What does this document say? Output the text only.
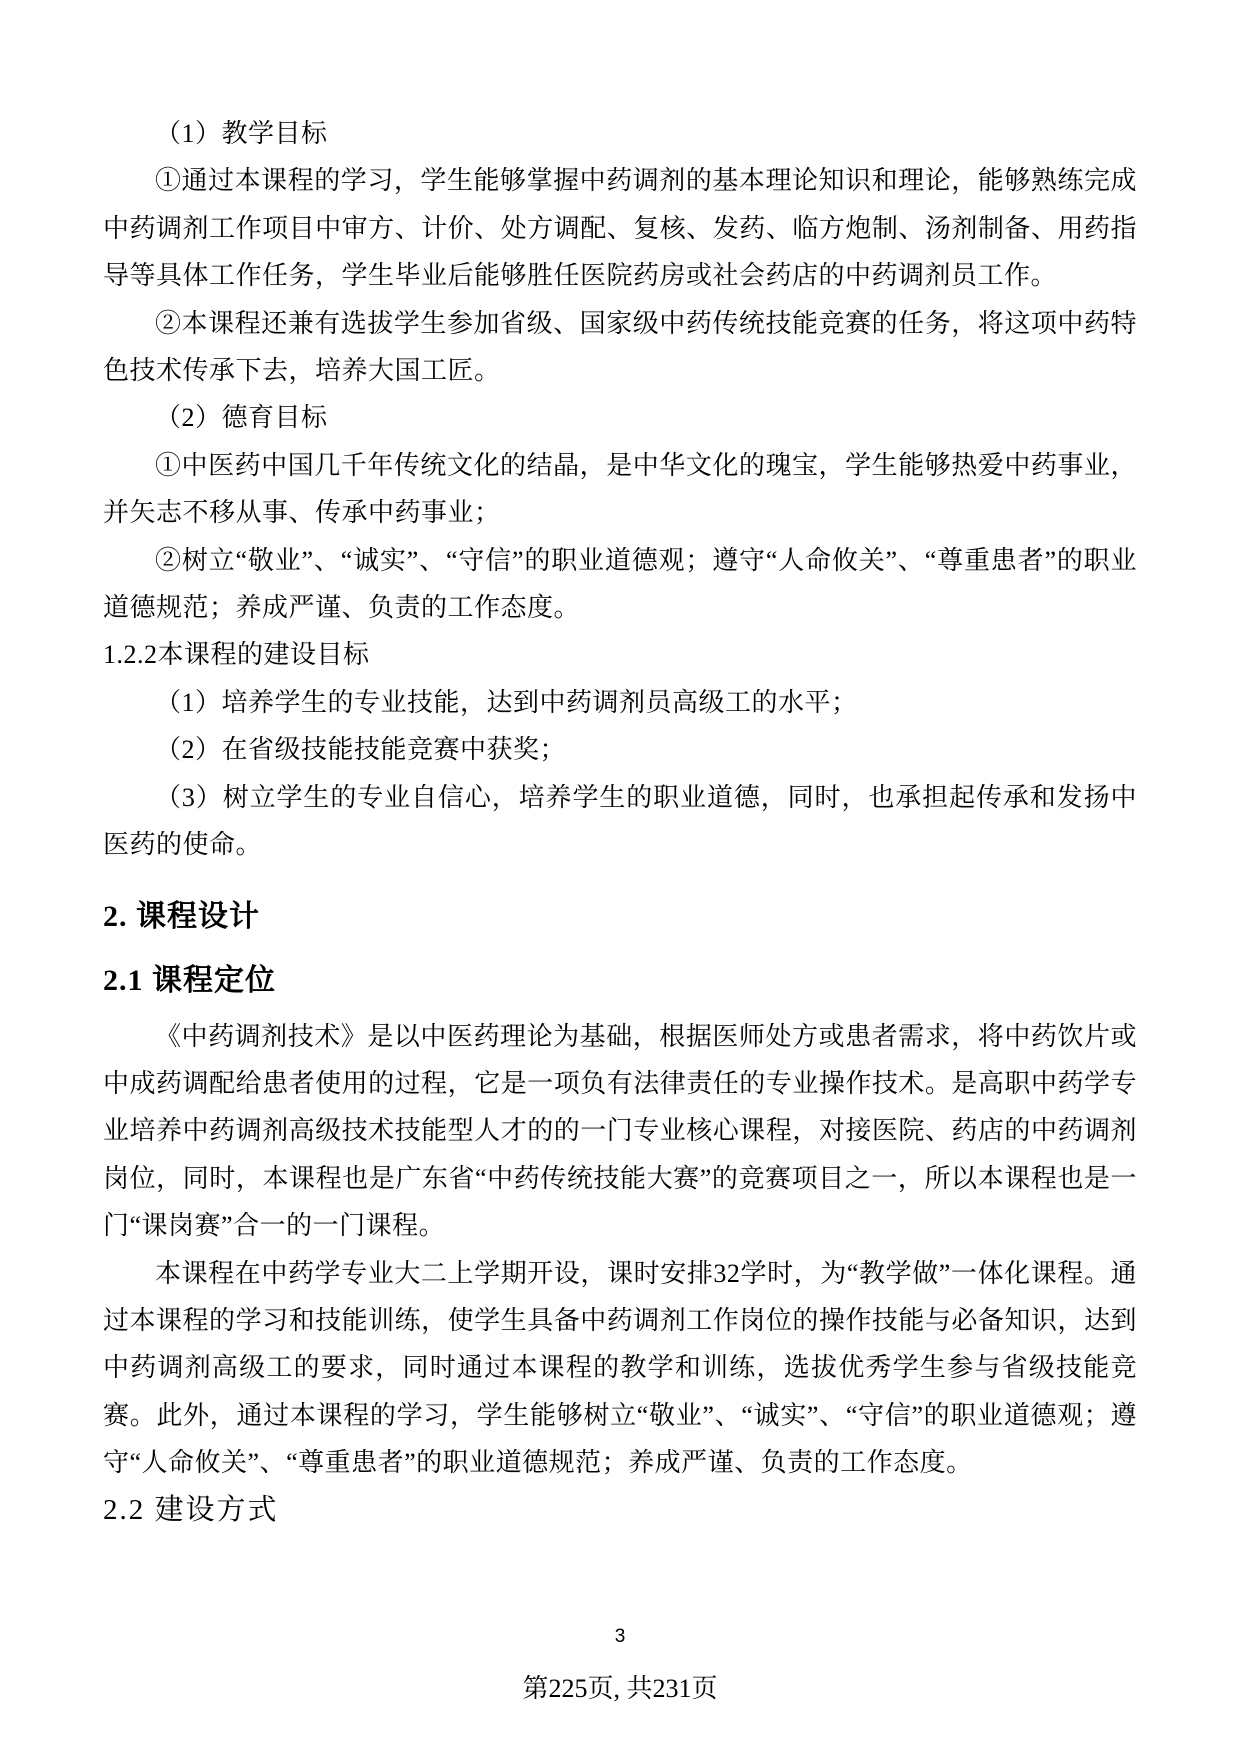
（1）教学目标

①通过本课程的学习，学生能够掌握中药调剂的基本理论知识和理论，能够熟练完成中药调剂工作项目中审方、计价、处方调配、复核、发药、临方炮制、汤剂制备、用药指导等具体工作任务，学生毕业后能够胜任医院药房或社会药店的中药调剂员工作。

②本课程还兼有选拔学生参加省级、国家级中药传统技能竞赛的任务，将这项中药特色技术传承下去，培养大国工匠。

（2）德育目标

①中医药中国几千年传统文化的结晶，是中华文化的瑰宝，学生能够热爱中药事业，并矢志不移从事、传承中药事业；

②树立“敬业”、“诚实”、“守信”的职业道德观；遵守“人命攸关”、“尊重患者”的职业道德规范；养成严谨、负责的工作态度。

1.2.2本课程的建设目标

（1）培养学生的专业技能，达到中药调剂员高级工的水平；

（2）在省级技能技能竞赛中获奖；

（3）树立学生的专业自信心，培养学生的职业道德，同时，也承担起传承和发扬中医药的使命。

2. 课程设计
2.1 课程定位

《中药调剂技术》是以中医药理论为基础，根据医师处方或患者需求，将中药饮片或中成药调配给患者使用的过程，它是一项负有法律责任的专业操作技术。是高职中药学专业培养中药调剂高级技术技能型人才的的一门专业核心课程，对接医院、药店的中药调剂岗位，同时，本课程也是广东省“中药传统技能大赛”的竞赛项目之一，所以本课程也是一门“课岗赛”合一的一门课程。

本课程在中药学专业大二上学期开设，课时安排32学时，为“教学做”一体化课程。通过本课程的学习和技能训练，使学生具备中药调剂工作岗位的操作技能与必备知识，达到中药调剂高级工的要求，同时通过本课程的教学和训练，选拔优秀学生参与省级技能竞赛。此外，通过本课程的学习，学生能够树立“敬业”、“诚实”、“守信”的职业道德观；遵守“人命攸关”、“尊重患者”的职业道德规范；养成严谨、负责的工作态度。

2.2 建设方式

3
第225页, 共231页
